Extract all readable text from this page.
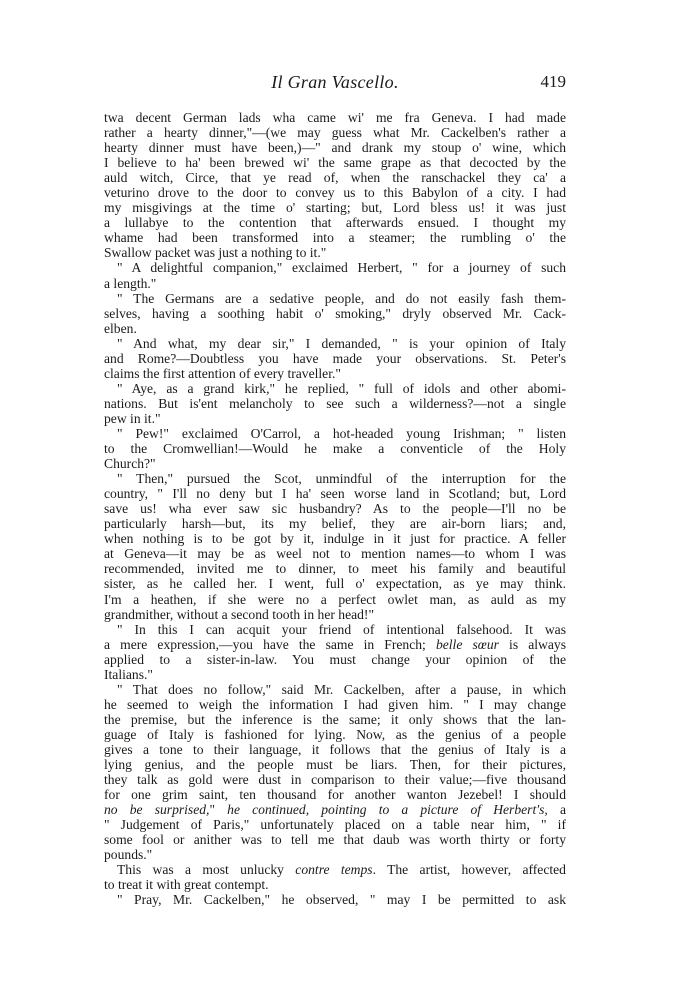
Il Gran Vascello.	419
twa decent German lads wha came wi' me fra Geneva. I had made
rather a hearty dinner,"—(we may guess what Mr. Cackelben's rather a
hearty dinner must have been,)—" and drank my stoup o' wine, which
I believe to ha' been brewed wi' the same grape as that decocted by the
auld witch, Circe, that ye read of, when the ranschackel they ca' a
veturino drove to the door to convey us to this Babylon of a city. I had
my misgivings at the time o' starting; but, Lord bless us! it was just
a lullabye to the contention that afterwards ensued. I thought my
whame had been transformed into a steamer; the rumbling o' the
Swallow packet was just a nothing to it."
" A delightful companion," exclaimed Herbert, " for a journey of such
a length."
" The Germans are a sedative people, and do not easily fash them-
selves, having a soothing habit o' smoking," dryly observed Mr. Cack-
elben.
" And what, my dear sir," I demanded, " is your opinion of Italy
and Rome?—Doubtless you have made your observations. St. Peter's
claims the first attention of every traveller."
" Aye, as a grand kirk," he replied, " full of idols and other abomi-
nations. But is'ent melancholy to see such a wilderness?—not a single
pew in it."
" Pew!" exclaimed O'Carrol, a hot-headed young Irishman; " listen
to the Cromwellian!—Would he make a conventicle of the Holy
Church?"
" Then," pursued the Scot, unmindful of the interruption for the
country, " I'll no deny but I ha' seen worse land in Scotland; but, Lord
save us! wha ever saw sic husbandry? As to the people—I'll no be
particularly harsh—but, its my belief, they are air-born liars; and,
when nothing is to be got by it, indulge in it just for practice. A feller
at Geneva—it may be as weel not to mention names—to whom I was
recommended, invited me to dinner, to meet his family and beautiful
sister, as he called her. I went, full o' expectation, as ye may think.
I'm a heathen, if she were no a perfect owlet man, as auld as my
grandmither, without a second tooth in her head!"
" In this I can acquit your friend of intentional falsehood. It was
a mere expression,—you have the same in French; belle sœur is always
applied to a sister-in-law. You must change your opinion of the
Italians."
" That does no follow," said Mr. Cackelben, after a pause, in which
he seemed to weigh the information I had given him. " I may change
the premise, but the inference is the same; it only shows that the lan-
guage of Italy is fashioned for lying. Now, as the genius of a people
gives a tone to their language, it follows that the genius of Italy is a
lying genius, and the people must be liars. Then, for their pictures,
they talk as gold were dust in comparison to their value;—five thousand
for one grim saint, ten thousand for another wanton Jezebel! I should
no be surprised," he continued, pointing to a picture of Herbert's, a
" Judgement of Paris," unfortunately placed on a table near him, " if
some fool or anither was to tell me that daub was worth thirty or forty
pounds."
This was a most unlucky contre temps. The artist, however, affected
to treat it with great contempt.
" Pray, Mr. Cackelben," he observed, " may I be permitted to ask
